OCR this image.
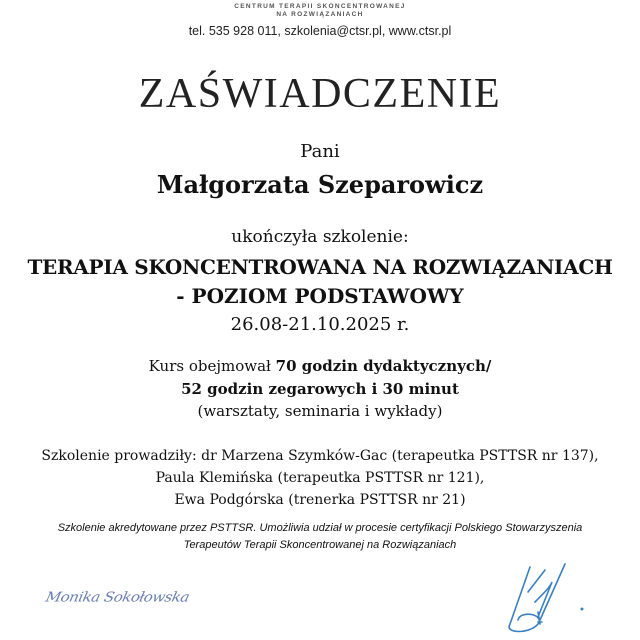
CENTRUM TERAPII SKONCENTROWANEJ
NA ROZWIĄZANIACH
tel. 535 928 011, szkolenia@ctsr.pl, www.ctsr.pl
ZAŚWIADCZENIE
Pani
Małgorzata Szeparowicz
ukończyła szkolenie:
TERAPIA SKONCENTROWANA NA ROZWIĄZANIACH
- POZIOM PODSTAWOWY
26.08-21.10.2025 r.
Kurs obejmował 70 godzin dydaktycznych/
52 godzin zegarowych i 30 minut
(warsztaty, seminaria i wykłady)
Szkolenie prowadziły: dr Marzena Szymków-Gac (terapeutka PSTTSR nr 137),
Paula Klemińska (terapeutka PSTTSR nr 121),
Ewa Podgórska (trenerka PSTTSR nr 21)
Szkolenie akredytowane przez PSTTSR. Umożliwia udział w procesie certyfikacji Polskiego Stowarzyszenia
Terapeutów Terapii Skoncentrowanej na Rozwiązaniach
Monika Sokołowska
